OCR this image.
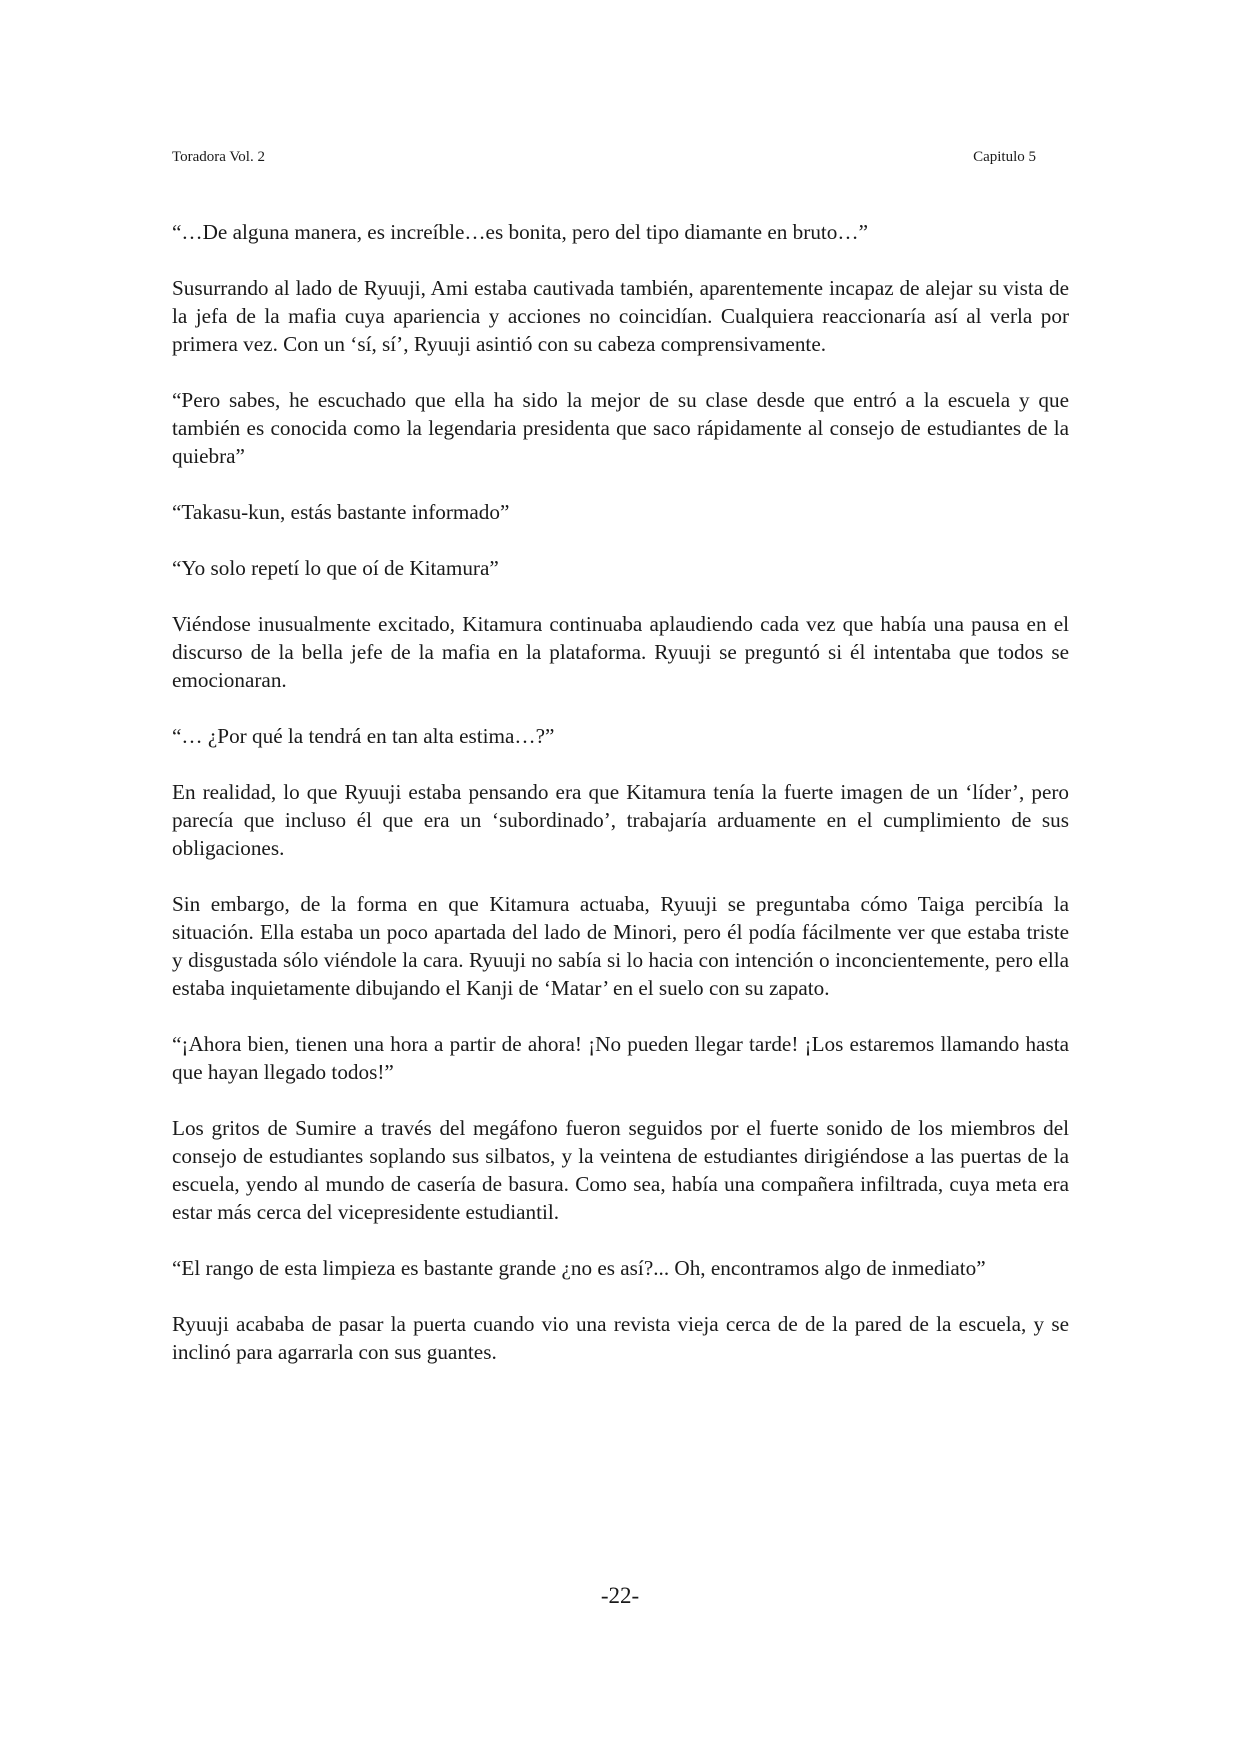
Toradora Vol. 2	Capitulo 5

“…De alguna manera, es increíble…es bonita, pero del tipo diamante en bruto…”

Susurrando al lado de Ryuuji, Ami estaba cautivada también, aparentemente incapaz de alejar su vista de la jefa de la mafia cuya apariencia y acciones no coincidían. Cualquiera reaccionaría así al verla por primera vez. Con un ‘sí, sí’, Ryuuji asintió con su cabeza comprensivamente.

“Pero sabes, he escuchado que ella ha sido la mejor de su clase desde que entró a la escuela y que también es conocida como la legendaria presidenta que saco rápidamente al consejo de estudiantes de la quiebra”

“Takasu-kun, estás bastante informado”

“Yo solo repetí lo que oí de Kitamura”

Viéndose inusualmente excitado, Kitamura continuaba aplaudiendo cada vez que había una pausa en el discurso de la bella jefe de la mafia en la plataforma. Ryuuji se preguntó si él intentaba que todos se emocionaran.

“… ¿Por qué la tendrá en tan alta estima…?”

En realidad, lo que Ryuuji estaba pensando era que Kitamura tenía la fuerte imagen de un ‘líder’, pero parecía que incluso él que era un ‘subordinado’, trabajaría arduamente en el cumplimiento de sus obligaciones.

Sin embargo, de la forma en que Kitamura actuaba, Ryuuji se preguntaba cómo Taiga percibía la situación. Ella estaba un poco apartada del lado de Minori, pero él podía fácilmente ver que estaba triste y disgustada sólo viéndole la cara. Ryuuji no sabía si lo hacia con intención o inconcientemente, pero ella estaba inquietamente dibujando el Kanji de ‘Matar’ en el suelo con su zapato.

“¡Ahora bien, tienen una hora a partir de ahora! ¡No pueden llegar tarde! ¡Los estaremos llamando hasta que hayan llegado todos!”

Los gritos de Sumire a través del megáfono fueron seguidos por el fuerte sonido de los miembros del consejo de estudiantes soplando sus silbatos, y la veintena de estudiantes dirigiéndose a las puertas de la escuela, yendo al mundo de casería de basura. Como sea, había una compañera infiltrada, cuya meta era estar más cerca del vicepresidente estudiantil.

“El rango de esta limpieza es bastante grande ¿no es así?... Oh, encontramos algo de inmediato”

Ryuuji acababa de pasar la puerta cuando vio una revista vieja cerca de de la pared de la escuela, y se inclinó para agarrarla con sus guantes.

-22-
